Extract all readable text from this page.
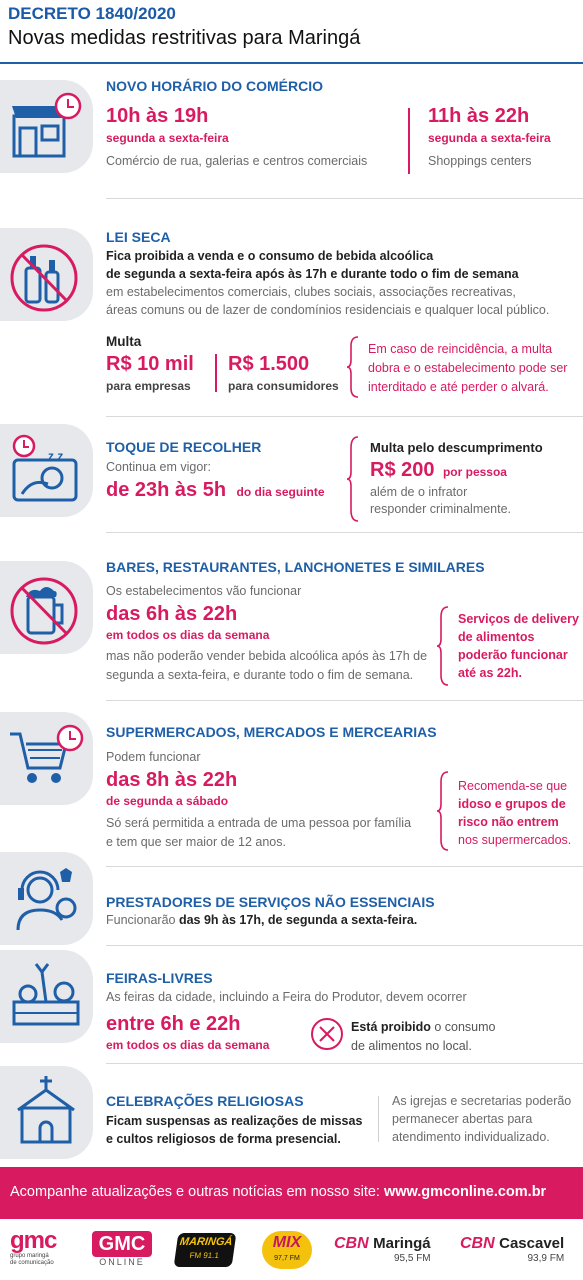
DECRETO 1840/2020
Novas medidas restritivas para Maringá
NOVO HORÁRIO DO COMÉRCIO
10h às 19h
segunda a sexta-feira
Comércio de rua, galerias e centros comerciais
11h às 22h
segunda a sexta-feira
Shoppings centers
LEI SECA
Fica proibida a venda e o consumo de bebida alcoólica
de segunda a sexta-feira após às 17h e durante todo o fim de semana
em estabelecimentos comerciais, clubes sociais, associações recreativas,
áreas comuns ou de lazer de condomínios residenciais e qualquer local público.
Multa
R$ 10 mil
para empresas
R$ 1.500
para consumidores
Em caso de reincidência, a multa
dobra e o estabelecimento pode ser
interditado e até perder o alvará.
z z
TOQUE DE RECOLHER
Continua em vigor:
de 23h às 5h do dia seguinte
Multa pelo descumprimento
R$ 200 por pessoa
além de o infrator
responder criminalmente.
BARES, RESTAURANTES, LANCHONETES E SIMILARES
Os estabelecimentos vão funcionar
das 6h às 22h
em todos os dias da semana
mas não poderão vender bebida alcoólica após às 17h de
segunda a sexta-feira, e durante todo o fim de semana.
Serviços de delivery
de alimentos
poderão funcionar
até as 22h.
SUPERMERCADOS, MERCADOS E MERCEARIAS
Podem funcionar
das 8h às 22h
de segunda a sábado
Só será permitida a entrada de uma pessoa por família
e tem que ser maior de 12 anos.
Recomenda-se que
idoso e grupos de
risco não entrem
nos supermercados.
PRESTADORES DE SERVIÇOS NÃO ESSENCIAIS
Funcionarão das 9h às 17h, de segunda a sexta-feira.
FEIRAS-LIVRES
As feiras da cidade, incluindo a Feira do Produtor, devem ocorrer
entre 6h e 22h
em todos os dias da semana
Está proibido o consumo
de alimentos no local.
CELEBRAÇÕES RELIGIOSAS
Ficam suspensas as realizações de missas
e cultos religiosos de forma presencial.
As igrejas e secretarias poderão
permanecer abertas para
atendimento individualizado.
Acompanhe atualizações e outras notícias em nosso site: www.gmconline.com.br
gmc
grupo maringá
de comunicação
GMC
ONLINE
MARINGÁ
FM 91.1
MIX
97,7 FM
CBN Maringá
95,5 FM
CBN Cascavel
93,9 FM
